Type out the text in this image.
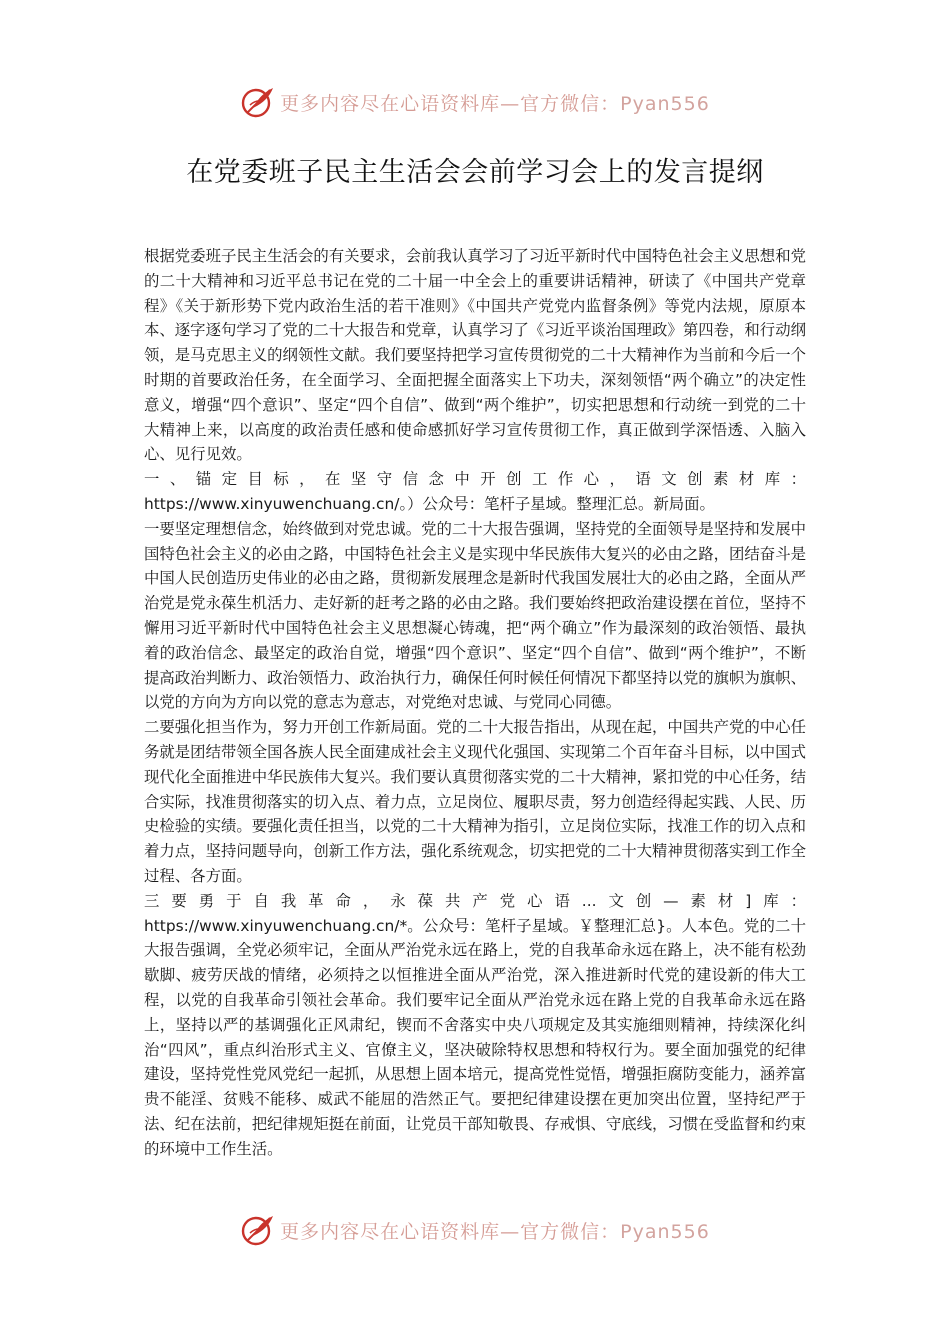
更多内容尽在心语资料库—官方微信：Pyan556
在党委班子民主生活会会前学习会上的发言提纲

根据党委班子民主生活会的有关要求，会前我认真学习了习近平新时代中国特色社会主义思想和党的二十大精神和习近平总书记在党的二十届一中全会上的重要讲话精神，研读了《中国共产党章程》《关于新形势下党内政治生活的若干准则》《中国共产党党内监督条例》等党内法规，原原本本、逐字逐句学习了党的二十大报告和党章，认真学习了《习近平谈治国理政》第四卷，和行动纲领，是马克思主义的纲领性文献。我们要坚持把学习宣传贯彻党的二十大精神作为当前和今后一个时期的首要政治任务，在全面学习、全面把握全面落实上下功夫，深刻领悟“两个确立”的决定性意义，增强“四个意识”、坚定“四个自信”、做到“两个维护”，切实把思想和行动统一到党的二十大精神上来，以高度的政治责任感和使命感抓好学习宣传贯彻工作，真正做到学深悟透、入脑入心、见行见效。

一、锚定目标，在坚守信念中开创工作心，语文创素材库：

https://www.xinyuwenchuang.cn/。）公众号：笔杆子星域。整理汇总。新局面。

一要坚定理想信念，始终做到对党忠诚。党的二十大报告强调，坚持党的全面领导是坚持和发展中国特色社会主义的必由之路，中国特色社会主义是实现中华民族伟大复兴的必由之路，团结奋斗是中国人民创造历史伟业的必由之路，贯彻新发展理念是新时代我国发展壮大的必由之路，全面从严治党是党永葆生机活力、走好新的赶考之路的必由之路。我们要始终把政治建设摆在首位，坚持不懈用习近平新时代中国特色社会主义思想凝心铸魂，把“两个确立”作为最深刻的政治领悟、最执着的政治信念、最坚定的政治自觉，增强“四个意识”、坚定“四个自信”、做到“两个维护”，不断提高政治判断力、政治领悟力、政治执行力，确保任何时候任何情况下都坚持以党的旗帜为旗帜、以党的方向为方向以党的意志为意志，对党绝对忠诚、与党同心同德。

二要强化担当作为，努力开创工作新局面。党的二十大报告指出，从现在起，中国共产党的中心任务就是团结带领全国各族人民全面建成社会主义现代化强国、实现第二个百年奋斗目标，以中国式现代化全面推进中华民族伟大复兴。我们要认真贯彻落实党的二十大精神，紧扣党的中心任务，结合实际，找准贯彻落实的切入点、着力点，立足岗位、履职尽责，努力创造经得起实践、人民、历史检验的实绩。要强化责任担当，以党的二十大精神为指引，立足岗位实际，找准工作的切入点和着力点，坚持问题导向，创新工作方法，强化系统观念，切实把党的二十大精神贯彻落实到工作全过程、各方面。

三要勇于自我革命，永葆共产党心语...文创—素材]库：

https://www.xinyuwenchuang.cn/*。公众号：笔杆子星域。￥整理汇总}。人本色。党的二十大报告强调，全党必须牢记，全面从严治党永远在路上，党的自我革命永远在路上，决不能有松劲歇脚、疲劳厌战的情绪，必须持之以恒推进全面从严治党，深入推进新时代党的建设新的伟大工程，以党的自我革命引领社会革命。我们要牢记全面从严治党永远在路上党的自我革命永远在路上，坚持以严的基调强化正风肃纪，锲而不舍落实中央八项规定及其实施细则精神，持续深化纠治“四风”，重点纠治形式主义、官僚主义，坚决破除特权思想和特权行为。要全面加强党的纪律建设，坚持党性党风党纪一起抓，从思想上固本培元，提高党性觉悟，增强拒腐防变能力，涵养富贵不能淫、贫贱不能移、威武不能屈的浩然正气。要把纪律建设摆在更加突出位置，坚持纪严于法、纪在法前，把纪律规矩挺在前面，让党员干部知敬畏、存戒惧、守底线，习惯在受监督和约束的环境中工作生活。

更多内容尽在心语资料库—官方微信：Pyan556
